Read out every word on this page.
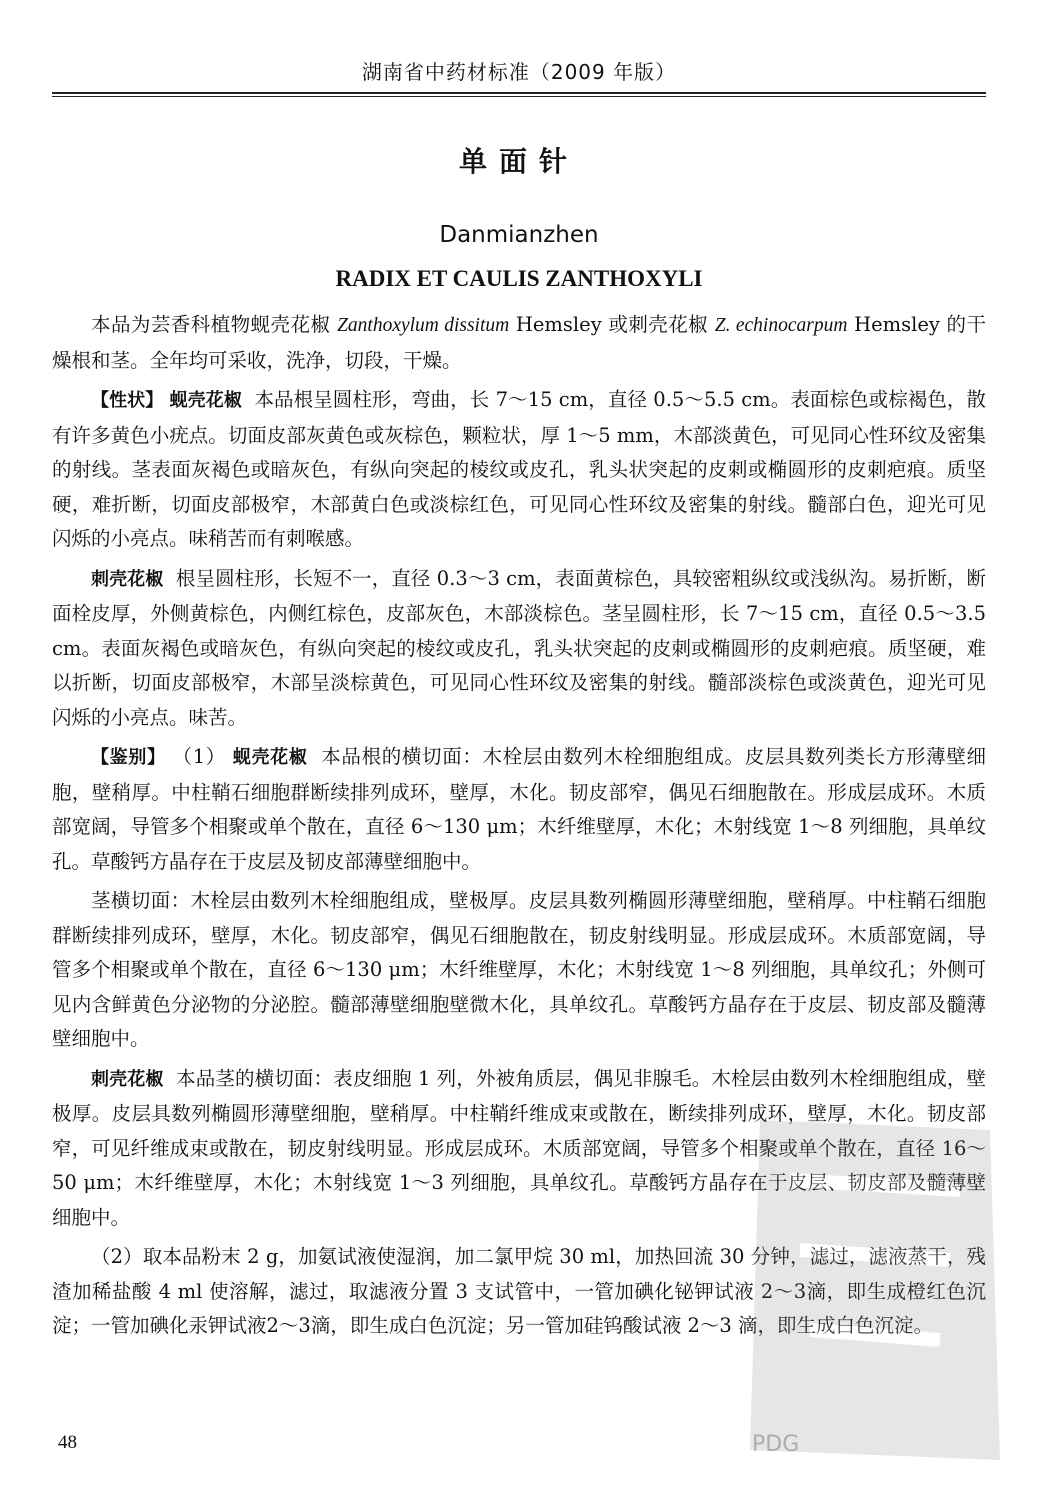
湖南省中药材标准（2009 年版）
单面针
Danmianzhen
RADIX ET CAULIS ZANTHOXYLI

本品为芸香科植物蚬壳花椒 Zanthoxylum dissitum Hemsley 或刺壳花椒 Z. echinocarpum Hemsley 的干燥根和茎。全年均可采收，洗净，切段，干燥。

【性状】 蚬壳花椒 本品根呈圆柱形，弯曲，长 7～15 cm，直径 0.5～5.5 cm。表面棕色或棕褐色，散有许多黄色小疣点。切面皮部灰黄色或灰棕色，颗粒状，厚 1～5 mm，木部淡黄色，可见同心性环纹及密集的射线。茎表面灰褐色或暗灰色，有纵向突起的棱纹或皮孔，乳头状突起的皮刺或椭圆形的皮刺疤痕。质坚硬，难折断，切面皮部极窄，木部黄白色或淡棕红色，可见同心性环纹及密集的射线。髓部白色，迎光可见闪烁的小亮点。味稍苦而有刺喉感。

刺壳花椒 根呈圆柱形，长短不一，直径 0.3～3 cm，表面黄棕色，具较密粗纵纹或浅纵沟。易折断，断面栓皮厚，外侧黄棕色，内侧红棕色，皮部灰色，木部淡棕色。茎呈圆柱形，长 7～15 cm，直径 0.5～3.5 cm。表面灰褐色或暗灰色，有纵向突起的棱纹或皮孔，乳头状突起的皮刺或椭圆形的皮刺疤痕。质坚硬，难以折断，切面皮部极窄，木部呈淡棕黄色，可见同心性环纹及密集的射线。髓部淡棕色或淡黄色，迎光可见闪烁的小亮点。味苦。

【鉴别】 （1） 蚬壳花椒 本品根的横切面：木栓层由数列木栓细胞组成。皮层具数列类长方形薄壁细胞，壁稍厚。中柱鞘石细胞群断续排列成环，壁厚，木化。韧皮部窄，偶见石细胞散在。形成层成环。木质部宽阔，导管多个相聚或单个散在，直径 6～130 μm；木纤维壁厚，木化；木射线宽 1～8 列细胞，具单纹孔。草酸钙方晶存在于皮层及韧皮部薄壁细胞中。

茎横切面：木栓层由数列木栓细胞组成，壁极厚。皮层具数列椭圆形薄壁细胞，壁稍厚。中柱鞘石细胞群断续排列成环，壁厚，木化。韧皮部窄，偶见石细胞散在，韧皮射线明显。形成层成环。木质部宽阔，导管多个相聚或单个散在，直径 6～130 μm；木纤维壁厚，木化；木射线宽 1～8 列细胞，具单纹孔；外侧可见内含鲜黄色分泌物的分泌腔。髓部薄壁细胞壁微木化，具单纹孔。草酸钙方晶存在于皮层、韧皮部及髓薄壁细胞中。

刺壳花椒 本品茎的横切面：表皮细胞 1 列，外被角质层，偶见非腺毛。木栓层由数列木栓细胞组成，壁极厚。皮层具数列椭圆形薄壁细胞，壁稍厚。中柱鞘纤维成束或散在，断续排列成环，壁厚，木化。韧皮部窄，可见纤维成束或散在，韧皮射线明显。形成层成环。木质部宽阔，导管多个相聚或单个散在，直径 16～50 μm；木纤维壁厚，木化；木射线宽 1～3 列细胞，具单纹孔。草酸钙方晶存在于皮层、韧皮部及髓薄壁细胞中。

（2）取本品粉末 2 g，加氨试液使湿润，加二氯甲烷 30 ml，加热回流 30 分钟，滤过，滤液蒸干，残渣加稀盐酸 4 ml 使溶解，滤过，取滤液分置 3 支试管中，一管加碘化铋钾试液 2～3滴，即生成橙红色沉淀；一管加碘化汞钾试液2～3滴，即生成白色沉淀；另一管加硅钨酸试液 2～3 滴，即生成白色沉淀。

PDG
48
